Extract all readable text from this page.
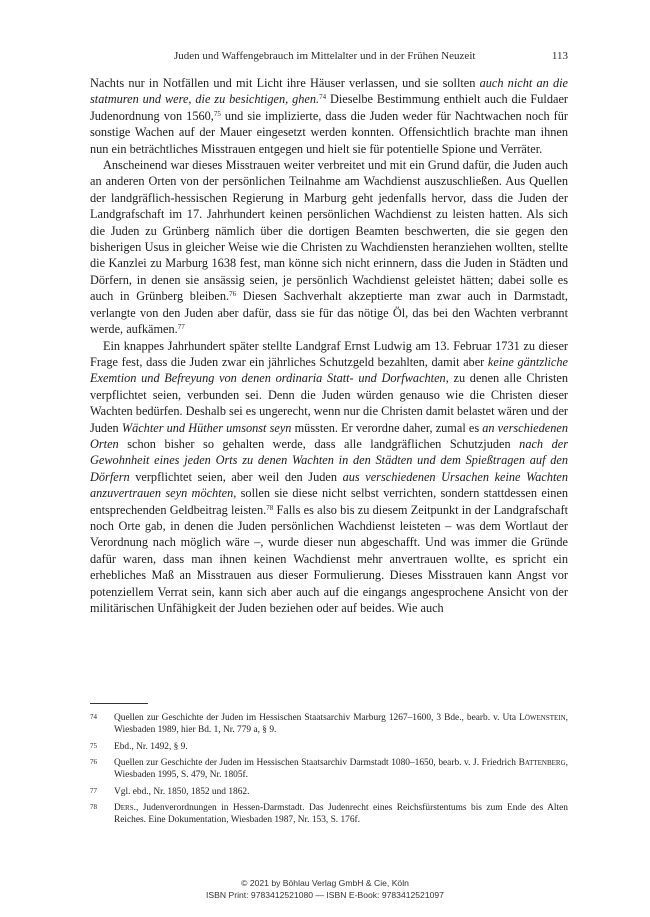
Juden und Waffengebrauch im Mittelalter und in der Frühen Neuzeit	113

Nachts nur in Notfällen und mit Licht ihre Häuser verlassen, und sie sollten auch nicht an die statmuren und were, die zu besichtigen, ghen.$^{74}$ Dieselbe Bestimmung enthielt auch die Fuldaer Judenordnung von 1560,75 und sie implizierte, dass die Juden weder für Nachtwachen noch für sonstige Wachen auf der Mauer eingesetzt werden konnten. Offensichtlich brachte man ihnen nun ein beträchtliches Misstrauen entgegen und hielt sie für potentielle Spione und Verräter.

Anscheinend war dieses Misstrauen weiter verbreitet und mit ein Grund dafür, die Juden auch an anderen Orten von der persönlichen Teilnahme am Wachdienst auszuschließen. Aus Quellen der landgräflich-hessischen Regierung in Marburg geht jedenfalls hervor, dass die Juden der Landgrafschaft im 17. Jahrhundert keinen persönlichen Wachdienst zu leisten hatten. Als sich die Juden zu Grünberg nämlich über die dortigen Beamten beschwerten, die sie gegen den bisherigen Usus in gleicher Weise wie die Christen zu Wachdiensten heranziehen wollten, stellte die Kanzlei zu Marburg 1638 fest, man könne sich nicht erinnern, dass die Juden in Städten und Dörfern, in denen sie ansässig seien, je persönlich Wachdienst geleistet hätten; dabei solle es auch in Grünberg bleiben.$^{76}$ Diesen Sachverhalt akzeptierte man zwar auch in Darmstadt, verlangte von den Juden aber dafür, dass sie für das nötige Öl, das bei den Wachten verbrannt werde, aufkämen.$^{77}$

Ein knappes Jahrhundert später stellte Landgraf Ernst Ludwig am 13. Februar 1731 zu dieser Frage fest, dass die Juden zwar ein jährliches Schutzgeld bezahlten, damit aber keine gäntzliche Exemtion und Befreyung von denen ordinaria Statt- und Dorfwachten, zu denen alle Christen verpflichtet seien, verbunden sei. Denn die Juden würden genauso wie die Christen dieser Wachten bedürfen. Deshalb sei es ungerecht, wenn nur die Christen damit belastet wären und der Juden Wächter und Hüther umsonst seyn müssten. Er verordne daher, zumal es an verschiedenen Orten schon bisher so gehalten werde, dass alle landgräflichen Schutzjuden nach der Gewohnheit eines jeden Orts zu denen Wachten in den Städten und dem Spießtragen auf den Dörfern verpflichtet seien, aber weil den Juden aus verschiedenen Ursachen keine Wachten anzuvertrauen seyn möchten, sollen sie diese nicht selbst verrichten, sondern stattdessen einen entsprechenden Geldbeitrag leisten.$^{78}$ Falls es also bis zu diesem Zeitpunkt in der Landgrafschaft noch Orte gab, in denen die Juden persönlichen Wachdienst leisteten – was dem Wortlaut der Verordnung nach möglich wäre –, wurde dieser nun abgeschafft. Und was immer die Gründe dafür waren, dass man ihnen keinen Wachdienst mehr anvertrauen wollte, es spricht ein erhebliches Maß an Misstrauen aus dieser Formulierung. Dieses Misstrauen kann Angst vor potenziellem Verrat sein, kann sich aber auch auf die eingangs angesprochene Ansicht von der militärischen Unfähigkeit der Juden beziehen oder auf beides. Wie auch

74 Quellen zur Geschichte der Juden im Hessischen Staatsarchiv Marburg 1267–1600, 3 Bde., bearb. v. Uta Löwenstein, Wiesbaden 1989, hier Bd. 1, Nr. 779 a, § 9.
75 Ebd., Nr. 1492, § 9.
76 Quellen zur Geschichte der Juden im Hessischen Staatsarchiv Darmstadt 1080–1650, bearb. v. J. Friedrich Battenberg, Wiesbaden 1995, S. 479, Nr. 1805f.
77 Vgl. ebd., Nr. 1850, 1852 und 1862.
78 Ders., Judenverordnungen in Hessen-Darmstadt. Das Judenrecht eines Reichsfürstentums bis zum Ende des Alten Reiches. Eine Dokumentation, Wiesbaden 1987, Nr. 153, S. 176f.
© 2021 by Böhlau Verlag GmbH & Cie, Köln
ISBN Print: 9783412521080 — ISBN E-Book: 9783412521097
